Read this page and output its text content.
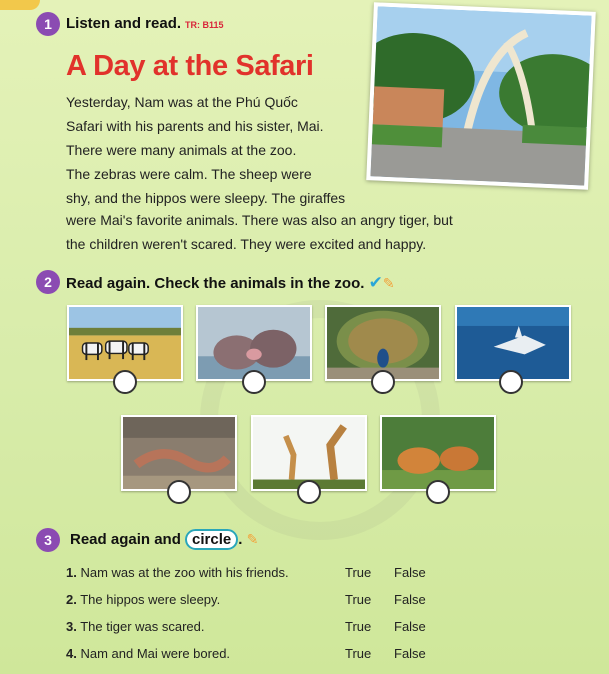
1 Listen and read. TR: B115
A Day at the Safari
Yesterday, Nam was at the Phú Quốc
Safari with his parents and his sister, Mai.
There were many animals at the zoo.
The zebras were calm. The sheep were
shy, and the hippos were sleepy. The giraffes
were Mai's favorite animals. There was also an angry tiger, but
the children weren't scared. They were excited and happy.
2 Read again. Check the animals in the zoo. ✔✎
3	Read again and circle . ✎
1. Nam was at the zoo with his friends.	True False
2. The hippos were sleepy.	True False
3. The tiger was scared.	True False
4. Nam and Mai were bored.	True False
